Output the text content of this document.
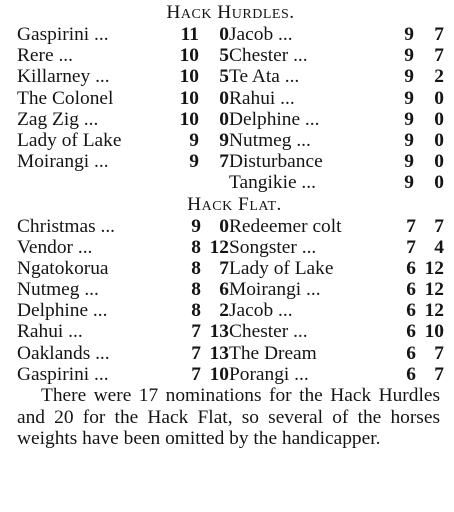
Hack Hurdles.
Gaspirini ...	11	0 Jacob ...	9	7
Rere ...	10	5 Chester ...	9	7
Killarney ...	10	5 Te Ata ...	9	2
The Colonel	10	0 Rahui ...	9	0
Zag Zig ...	10	0 Delphine ...	9	0
Lady of Lake	9	9 Nutmeg ...	9	0
Moirangi ...	9	7 Disturbance	9	0
Tangikie ...	9	0
Hack Flat.
Christmas ...	9 0 Redeemer colt	7 7
Vendor ...	8 12 Songster ...	7 4
Ngatokorua	8 7 Lady of Lake	6 12
Nutmeg ...	8 6 Moirangi ...	6 12
Delphine ...	8 2 Jacob ...	6 12
Rahui ...	7 13 Chester ...	6 10
Oaklands ...	7 13 The Dream	6 7
Gaspirini ...	7 10 Porangi ...	6 7
There were 17 nominations for the Hack Hurdles and 20 for the Hack Flat, so several of the horses weights have been omitted by the handicapper.
